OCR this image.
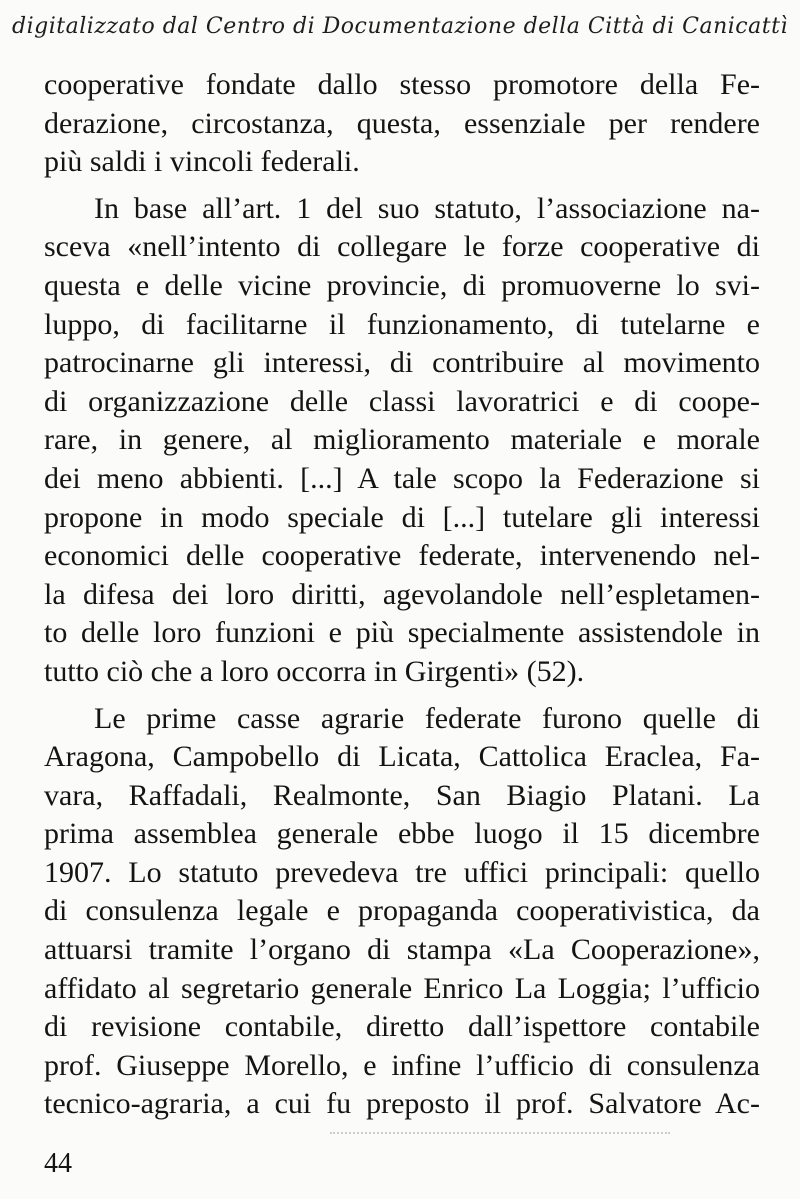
digitalizzato dal Centro di Documentazione della Città di Canicattì
cooperative fondate dallo stesso promotore della Fe-
derazione, circostanza, questa, essenziale per rendere
più saldi i vincoli federali.
In base all’art. 1 del suo statuto, l’associazione na-
sceva «nell’intento di collegare le forze cooperative di
questa e delle vicine provincie, di promuoverne lo svi-
luppo, di facilitarne il funzionamento, di tutelarne e
patrocinarne gli interessi, di contribuire al movimento
di organizzazione delle classi lavoratrici e di coope-
rare, in genere, al miglioramento materiale e morale
dei meno abbienti. [...] A tale scopo la Federazione si
propone in modo speciale di [...] tutelare gli interessi
economici delle cooperative federate, intervenendo nel-
la difesa dei loro diritti, agevolandole nell’espletamen-
to delle loro funzioni e più specialmente assistendole in
tutto ciò che a loro occorra in Girgenti» (52).
Le prime casse agrarie federate furono quelle di
Aragona, Campobello di Licata, Cattolica Eraclea, Fa-
vara, Raffadali, Realmonte, San Biagio Platani. La
prima assemblea generale ebbe luogo il 15 dicembre
1907. Lo statuto prevedeva tre uffici principali: quello
di consulenza legale e propaganda cooperativistica, da
attuarsi tramite l’organo di stampa «La Cooperazione»,
affidato al segretario generale Enrico La Loggia; l’ufficio
di revisione contabile, diretto dall’ispettore contabile
prof. Giuseppe Morello, e infine l’ufficio di consulenza
tecnico-agraria, a cui fu preposto il prof. Salvatore Ac-
44
